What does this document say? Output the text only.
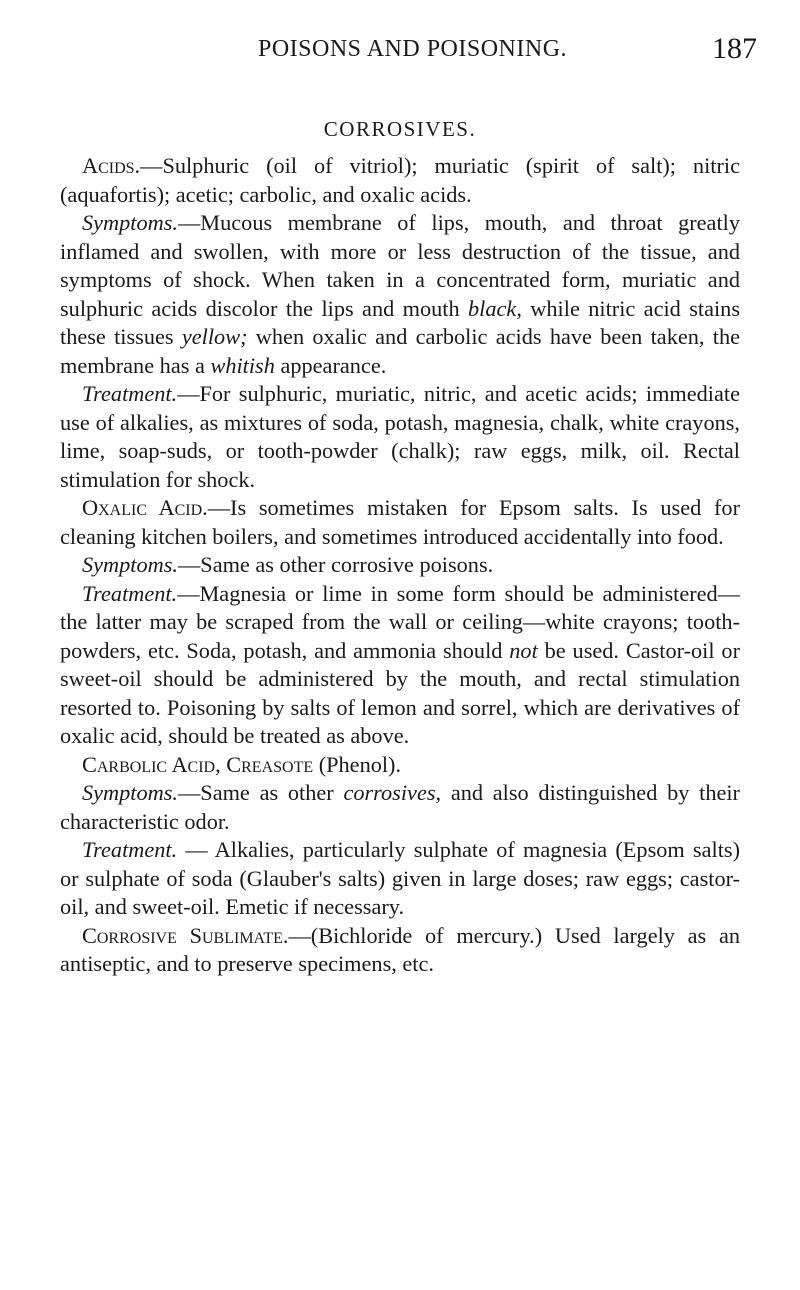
POISONS AND POISONING.	187
CORROSIVES.

Acids.—Sulphuric (oil of vitriol); muriatic (spirit of salt); nitric (aquafortis); acetic; carbolic, and oxalic acids.

Symptoms.—Mucous membrane of lips, mouth, and throat greatly inflamed and swollen, with more or less destruction of the tissue, and symptoms of shock. When taken in a concentrated form, muriatic and sulphuric acids discolor the lips and mouth black, while nitric acid stains these tissues yellow; when oxalic and carbolic acids have been taken, the membrane has a whitish appearance.

Treatment.—For sulphuric, muriatic, nitric, and acetic acids; immediate use of alkalies, as mixtures of soda, potash, magnesia, chalk, white crayons, lime, soap-suds, or tooth-powder (chalk); raw eggs, milk, oil. Rectal stimulation for shock.

Oxalic Acid.—Is sometimes mistaken for Epsom salts. Is used for cleaning kitchen boilers, and sometimes introduced accidentally into food.

Symptoms.—Same as other corrosive poisons.

Treatment.—Magnesia or lime in some form should be administered—the latter may be scraped from the wall or ceiling—white crayons; tooth-powders, etc. Soda, potash, and ammonia should not be used. Castor-oil or sweet-oil should be administered by the mouth, and rectal stimulation resorted to. Poisoning by salts of lemon and sorrel, which are derivatives of oxalic acid, should be treated as above.

Carbolic Acid, Creasote (Phenol).

Symptoms.—Same as other corrosives, and also distinguished by their characteristic odor.

Treatment. — Alkalies, particularly sulphate of magnesia (Epsom salts) or sulphate of soda (Glauber's salts) given in large doses; raw eggs; castor-oil, and sweet-oil. Emetic if necessary.

Corrosive Sublimate.—(Bichloride of mercury.) Used largely as an antiseptic, and to preserve specimens, etc.
